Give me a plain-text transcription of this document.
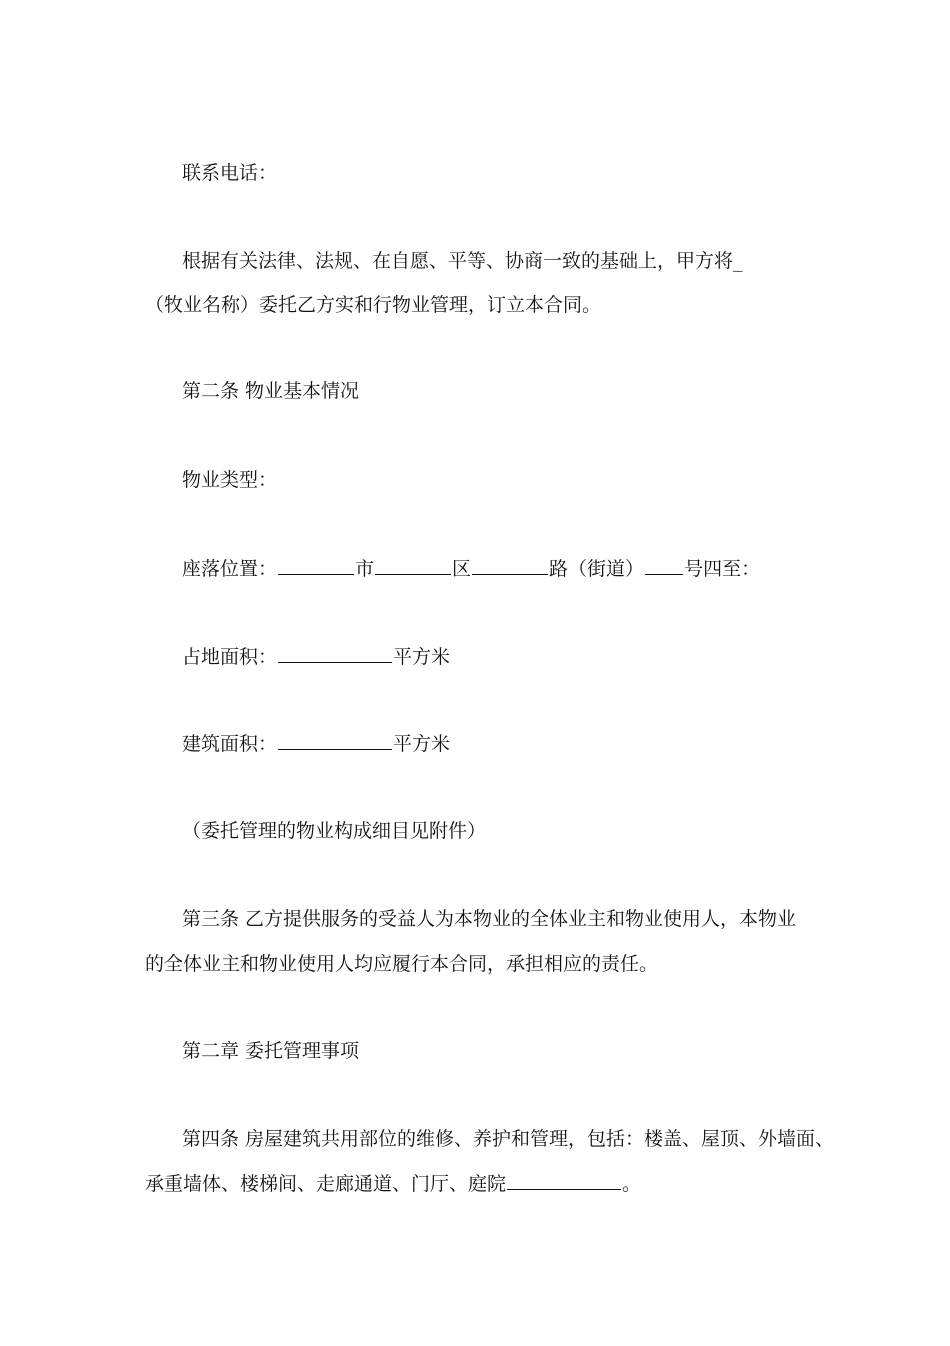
联系电话：
根据有关法律、法规、在自愿、平等、协商一致的基础上，甲方将_
（牧业名称）委托乙方实和行物业管理，订立本合同。
第二条 物业基本情况
物业类型：
座落位置：	市	区	路（街道） 号四至：
占地面积：	平方米
建筑面积：	平方米
（委托管理的物业构成细目见附件）
第三条 乙方提供服务的受益人为本物业的全体业主和物业使用人，本物业
的全体业主和物业使用人均应履行本合同，承担相应的责任。
第二章 委托管理事项
第四条 房屋建筑共用部位的维修、养护和管理，包括：楼盖、屋顶、外墙面、
承重墙体、楼梯间、走廊通道、门厅、庭院	。
